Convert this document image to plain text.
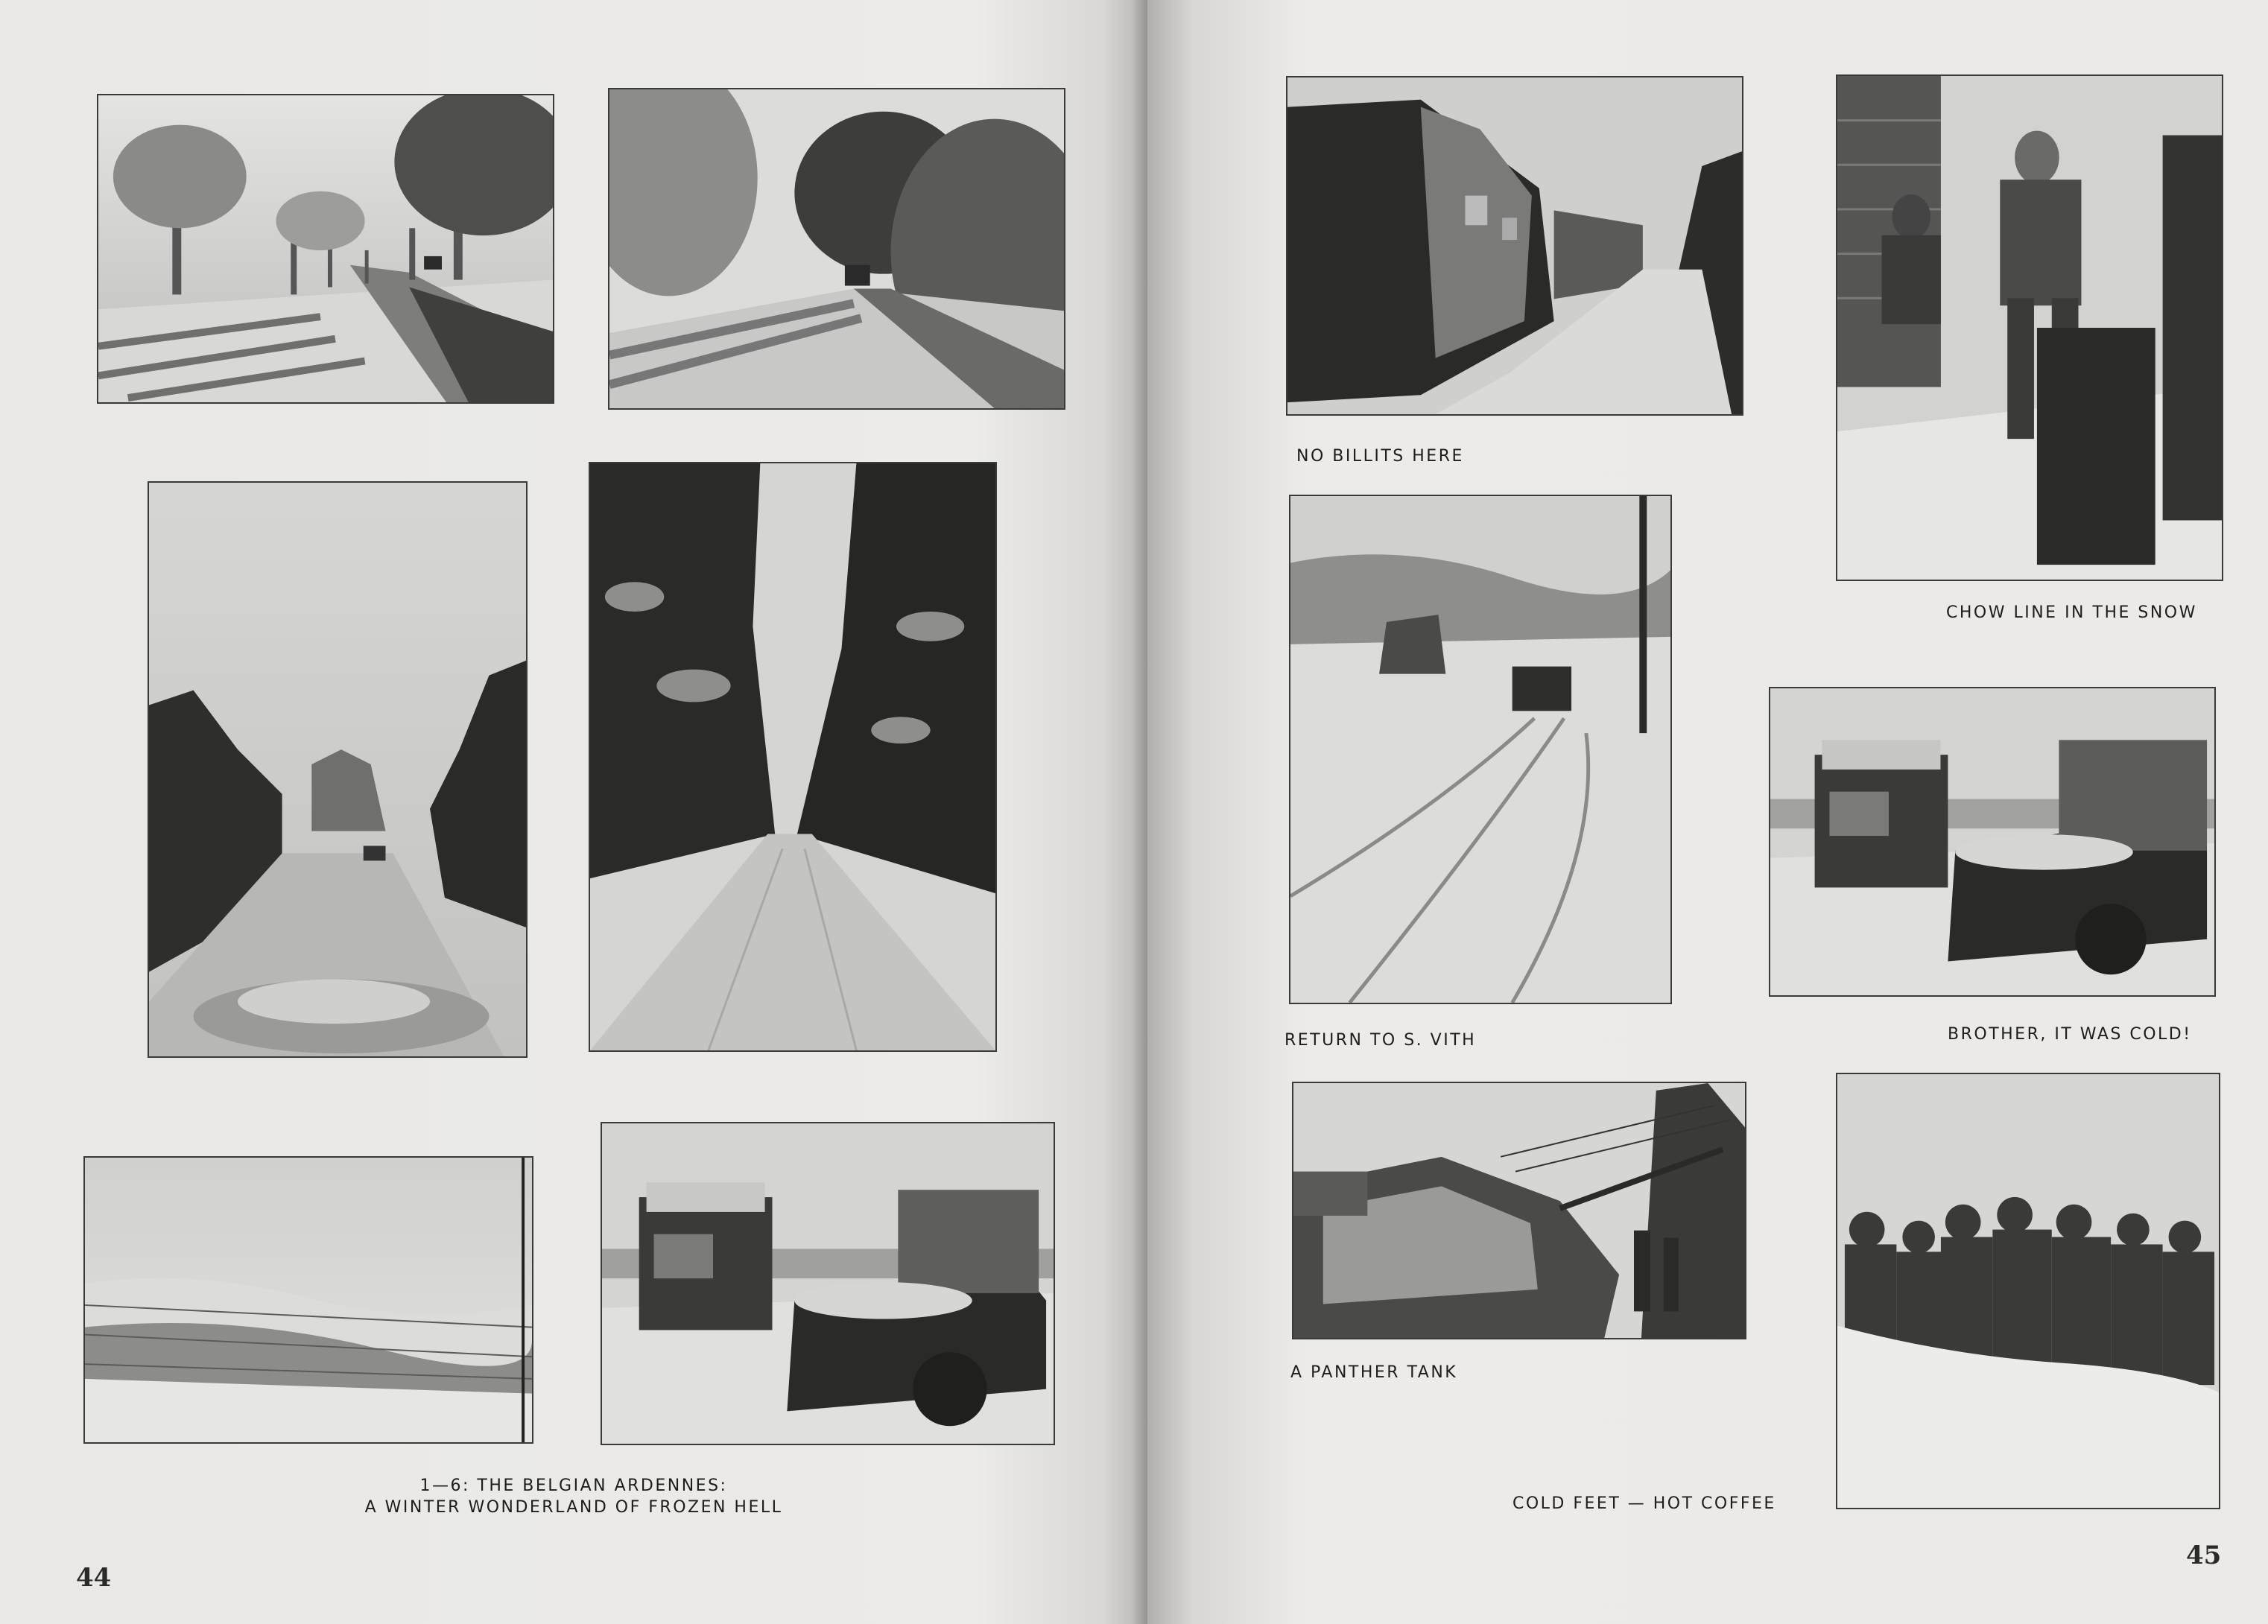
1—6: THE BELGIAN ARDENNES:
A WINTER WONDERLAND OF FROZEN HELL
44
NO BILLITS HERE
CHOW LINE IN THE SNOW
RETURN TO S. VITH	BROTHER, IT WAS COLD!
A PANTHER TANK
COLD FEET — HOT COFFEE
45
